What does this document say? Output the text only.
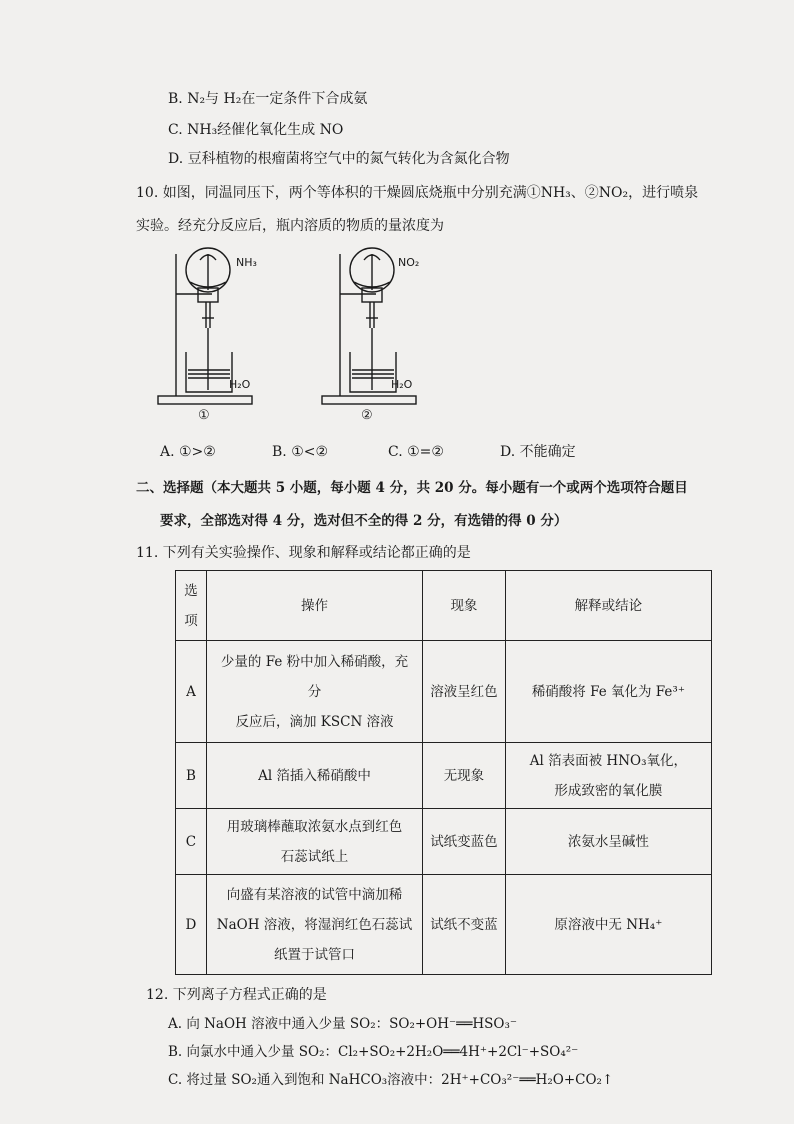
B. N₂与 H₂在一定条件下合成氨
C. NH₃经催化氧化生成 NO
D. 豆科植物的根瘤菌将空气中的氮气转化为含氮化合物
10. 如图，同温同压下，两个等体积的干燥圆底烧瓶中分别充满①NH₃、②NO₂，进行喷泉
实验。经充分反应后，瓶内溶质的物质的量浓度为
NH₃
H₂O
①
NO₂
H₂O
②
A. ①>②	B. ①<②	C. ①=②	D. 不能确定
二、选择题（本大题共 5 小题，每小题 4 分，共 20 分。每小题有一个或两个选项符合题目
要求，全部选对得 4 分，选对但不全的得 2 分，有选错的得 0 分）
11. 下列有关实验操作、现象和解释或结论都正确的是
选
项	操作	现象	解释或结论
A	少量的 Fe 粉中加入稀硝酸，充
分
反应后，滴加 KSCN 溶液	溶液呈红色	稀硝酸将 Fe 氧化为 Fe³⁺

B	Al 箔插入稀硝酸中	无现象	Al 箔表面被 HNO₃氧化，
形成致密的氧化膜

C	用玻璃棒蘸取浓氨水点到红色
石蕊试纸上	试纸变蓝色	浓氨水呈碱性

D	向盛有某溶液的试管中滴加稀
NaOH 溶液，将湿润红色石蕊试
纸置于试管口	试纸不变蓝	原溶液中无 NH₄⁺
12. 下列离子方程式正确的是
A. 向 NaOH 溶液中通入少量 SO₂：SO₂+OH⁻══HSO₃⁻
B. 向氯水中通入少量 SO₂：Cl₂+SO₂+2H₂O══4H⁺+2Cl⁻+SO₄²⁻
C. 将过量 SO₂通入到饱和 NaHCO₃溶液中：2H⁺+CO₃²⁻══H₂O+CO₂↑
